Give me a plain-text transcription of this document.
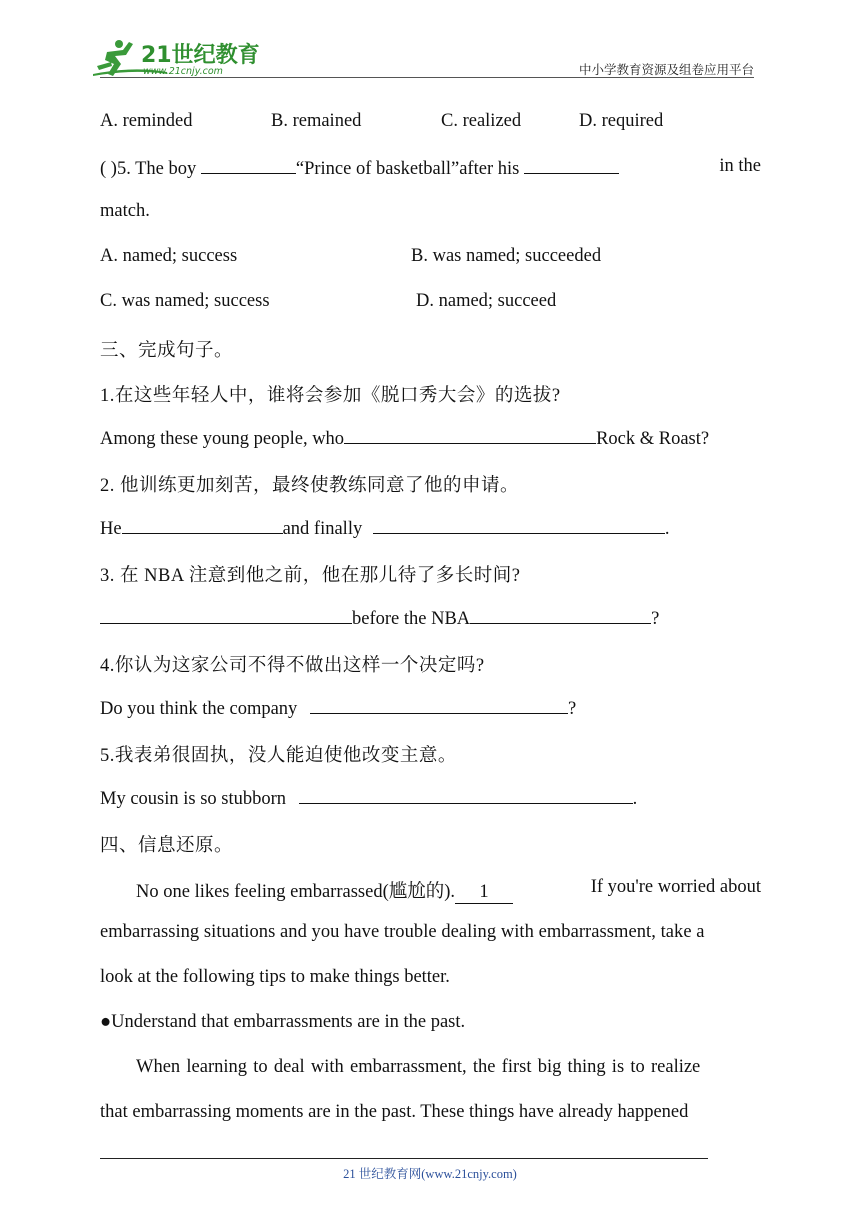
21世纪教育
www.21cnjy.com	中小学教育资源及组卷应用平台
A. reminded	B. remained	C. realized	D. required
( )5. The boy	“Prince of basketball”after his	in the
match.
A. named; success	B. was named; succeeded
C. was named; success	D. named; succeed
三、完成句子。
1.在这些年轻人中，谁将会参加《脱口秀大会》的选拔?
Among these young people, who	Rock & Roast?
2. 他训练更加刻苦，最终使教练同意了他的申请。
He	and finally	.
3. 在 NBA 注意到他之前，他在那儿待了多长时间?
before the NBA	?
4.你认为这家公司不得不做出这样一个决定吗?
Do you think the company	?
5.我表弟很固执，没人能迫使他改变主意。
My cousin is so stubborn	.
四、信息还原。
No one likes feeling embarrassed(尴尬的). 1	If you're worried about
embarrassing situations and you have trouble dealing with embarrassment, take a
look at the following tips to make things better.
●Understand that embarrassments are in the past.
When learning to deal with embarrassment, the first big thing is to realize
that embarrassing moments are in the past. These things have already happened
21 世纪教育网(www.21cnjy.com)
